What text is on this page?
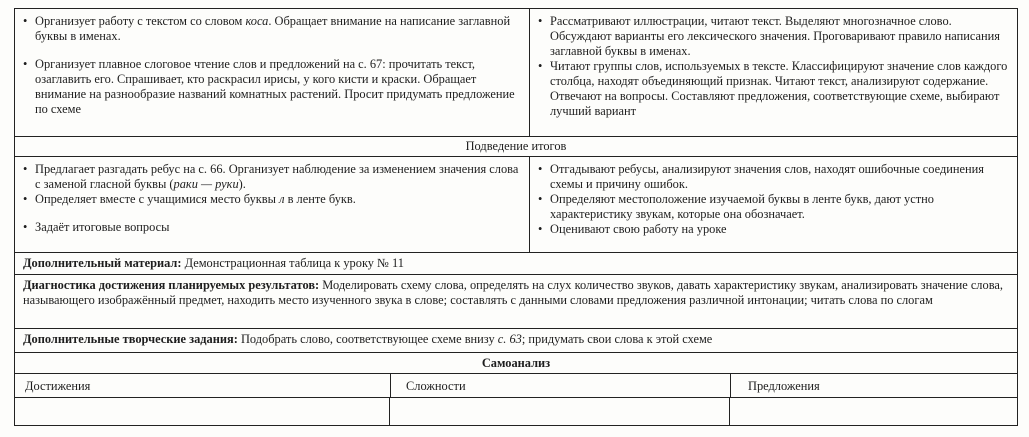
• Организует работу с текстом со словом коса. Обращает внимание на написание заглавной буквы в именах.

• Организует плавное слоговое чтение слов и предложений на с. 67: прочитать текст, озаглавить его. Спрашивает, кто раскрасил ирисы, у кого кисти и краски. Обращает внимание на разнообразие названий комнатных растений. Просит придумать предложение по схеме

• Рассматривают иллюстрации, читают текст. Выделяют многозначное слово. Обсуждают варианты его лексического значения. Проговаривают правило написания заглавной буквы в именах.

• Читают группы слов, используемых в тексте. Классифицируют значение слов каждого столбца, находят объединяющий признак. Читают текст, анализируют содержание. Отвечают на вопросы. Составляют предложения, соответствующие схеме, выбирают лучший вариант

Подведение итогов

• Предлагает разгадать ребус на с. 66. Организует наблюдение за изменением значения слова с заменой гласной буквы (раки — руки).

• Определяет вместе с учащимися место буквы л в ленте букв.

• Задаёт итоговые вопросы

• Отгадывают ребусы, анализируют значения слов, находят ошибочные соединения схемы и причину ошибок.

• Определяют местоположение изучаемой буквы в ленте букв, дают устно характеристику звукам, которые она обозначает.

• Оценивают свою работу на уроке

Дополнительный материал: Демонстрационная таблица к уроку № 11
Диагностика достижения планируемых результатов: Моделировать схему слова, определять на слух количество звуков, давать характеристику звукам, анализировать значение слова, называющего изображённый предмет, находить место изученного звука в слове; составлять с данными словами предложения различной интонации; читать слова по слогам
Дополнительные творческие задания: Подобрать слово, соответствующее схеме внизу с. 63; придумать свои слова к этой схеме
Самоанализ
Достижения	Сложности	Предложения
